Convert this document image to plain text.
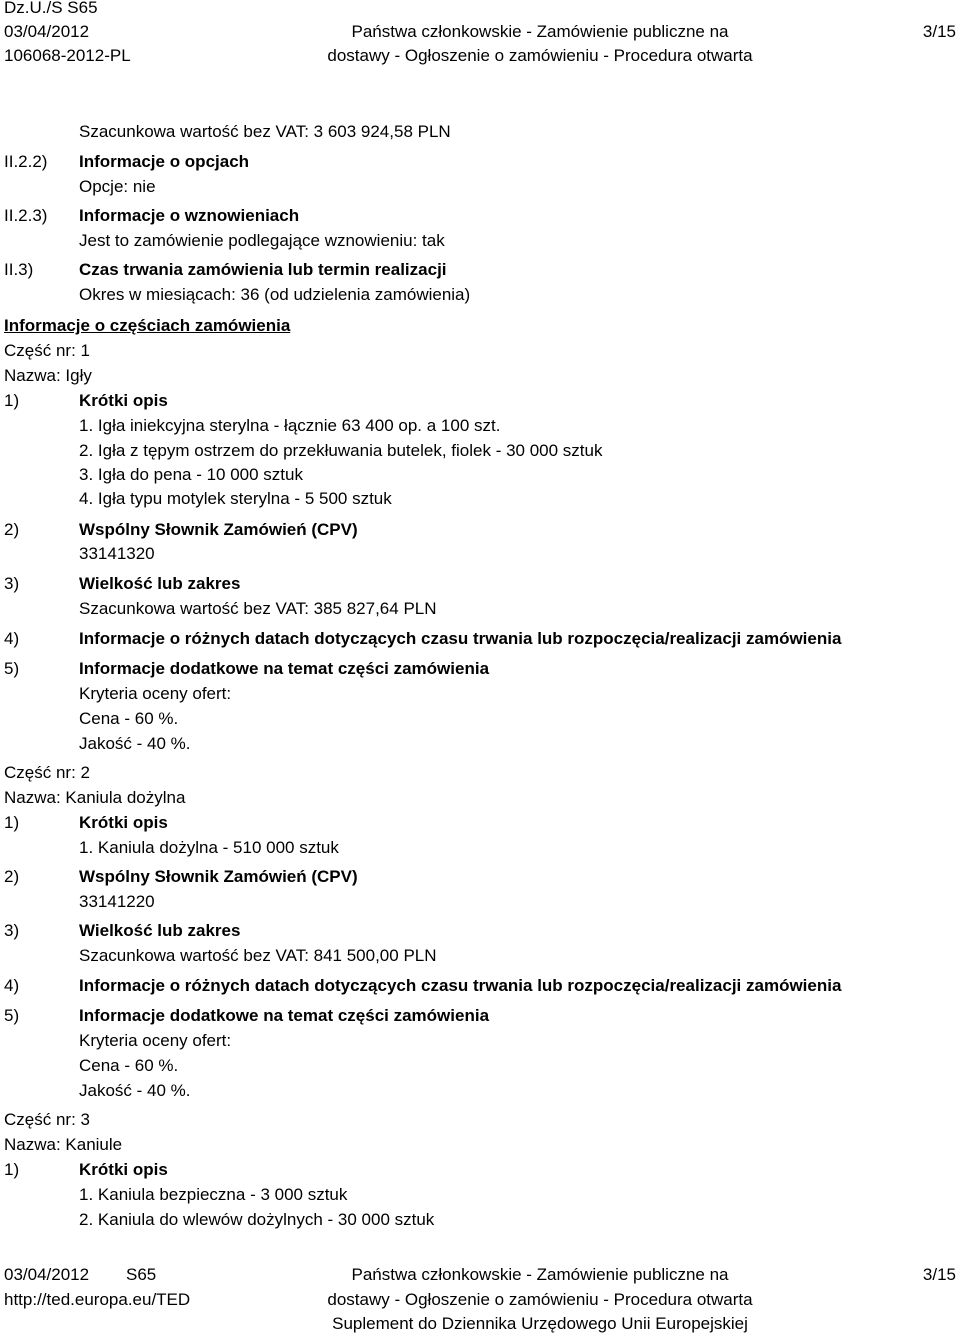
Dz.U./S S65
03/04/2012
106068-2012-PL
Państwa członkowskie - Zamówienie publiczne na
dostawy - Ogłoszenie o zamówieniu - Procedura otwarta
3/15
Szacunkowa wartość bez VAT: 3 603 924,58 PLN
II.2.2) Informacje o opcjach
Opcje: nie
II.2.3) Informacje o wznowieniach
Jest to zamówienie podlegające wznowieniu: tak
II.3)	Czas trwania zamówienia lub termin realizacji
Okres w miesiącach: 36 (od udzielenia zamówienia)
Informacje o częściach zamówienia
Część nr: 1
Nazwa: Igły
1)	Krótki opis
1. Igła iniekcyjna sterylna - łącznie 63 400 op. a 100 szt.
2. Igła z tępym ostrzem do przekłuwania butelek, fiolek - 30 000 sztuk
3. Igła do pena - 10 000 sztuk
4. Igła typu motylek sterylna - 5 500 sztuk
2)	Wspólny Słownik Zamówień (CPV)
33141320
3)	Wielkość lub zakres
Szacunkowa wartość bez VAT: 385 827,64 PLN
4)	Informacje o różnych datach dotyczących czasu trwania lub rozpoczęcia/realizacji zamówienia
5)	Informacje dodatkowe na temat części zamówienia
Kryteria oceny ofert:
Cena - 60 %.
Jakość - 40 %.
Część nr: 2
Nazwa: Kaniula dożylna
1)	Krótki opis
1. Kaniula dożylna - 510 000 sztuk
2)	Wspólny Słownik Zamówień (CPV)
33141220
3)	Wielkość lub zakres
Szacunkowa wartość bez VAT: 841 500,00 PLN
4)	Informacje o różnych datach dotyczących czasu trwania lub rozpoczęcia/realizacji zamówienia
5)	Informacje dodatkowe na temat części zamówienia
Kryteria oceny ofert:
Cena - 60 %.
Jakość - 40 %.
Część nr: 3
Nazwa: Kaniule
1)	Krótki opis
1. Kaniula bezpieczna - 3 000 sztuk
2. Kaniula do wlewów dożylnych - 30 000 sztuk
03/04/2012 S65
http://ted.europa.eu/TED
Państwa członkowskie - Zamówienie publiczne na
dostawy - Ogłoszenie o zamówieniu - Procedura otwarta
Suplement do Dziennika Urzędowego Unii Europejskiej
3/15
